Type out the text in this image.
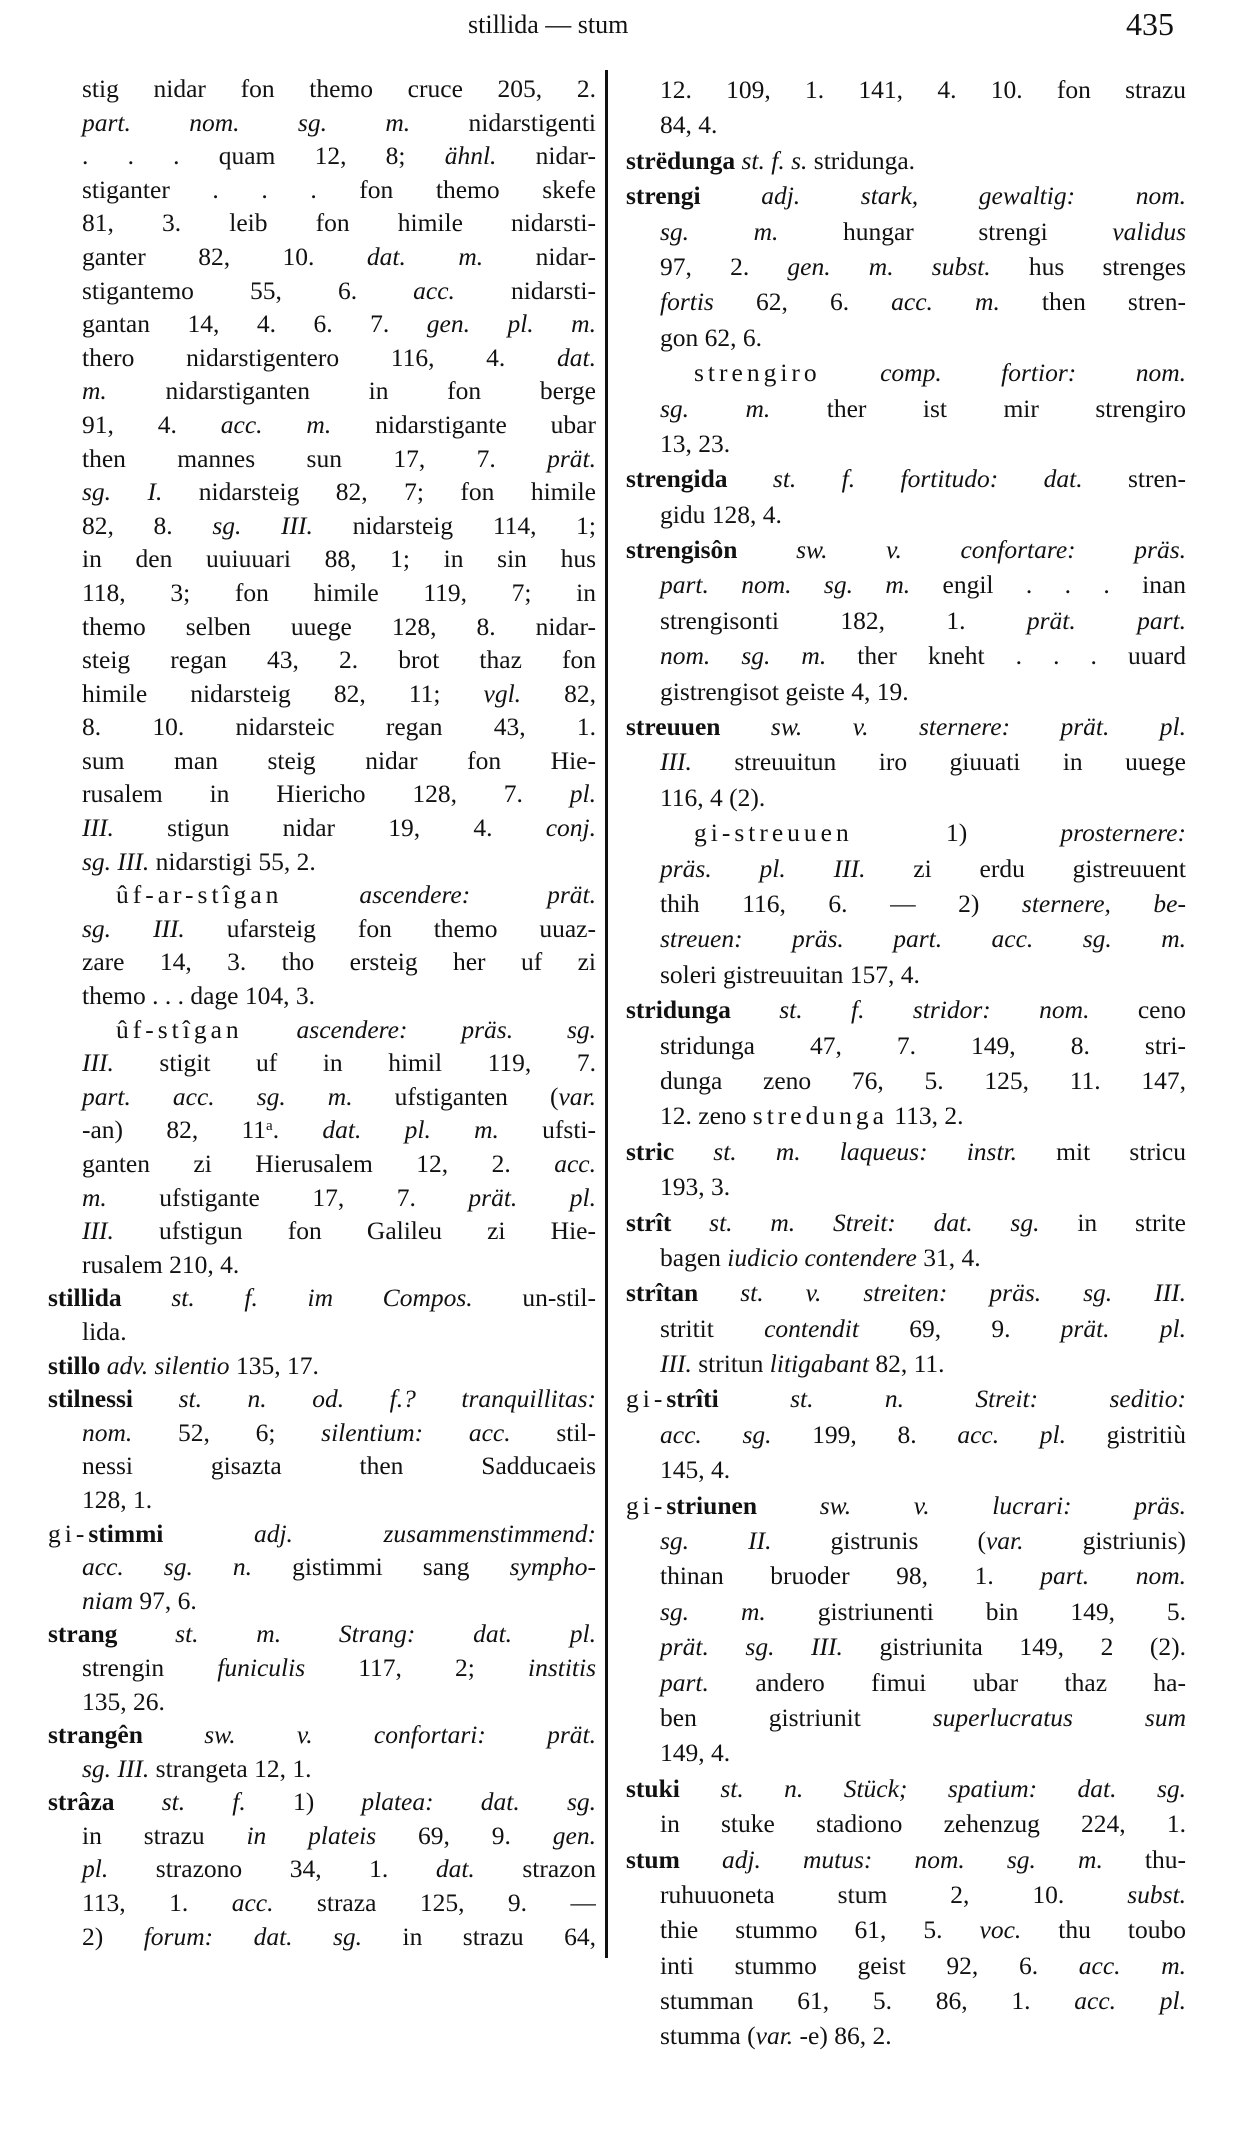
stillida — stum	435
stig nidar fon themo cruce 205, 2.
part. nom. sg. m. nidarstigenti
. . . quam 12, 8; ähnl. nidar-
stiganter . . . fon themo skefe
81, 3. leib fon himile nidarsti-
ganter 82, 10. dat. m. nidar-
stigantemo 55, 6. acc. nidarsti-
gantan 14, 4. 6. 7. gen. pl. m.
thero nidarstigentero 116, 4. dat.
m. nidarstiganten in fon berge
91, 4. acc. m. nidarstigante ubar
then mannes sun 17, 7. prät.
sg. I. nidarsteig 82, 7; fon himile
82, 8. sg. III. nidarsteig 114, 1;
in den uuiuuari 88, 1; in sin hus
118, 3; fon himile 119, 7; in
themo selben uuege 128, 8. nidar-
steig regan 43, 2. brot thaz fon
himile nidarsteig 82, 11; vgl. 82,
8. 10. nidarsteic regan 43, 1.
sum man steig nidar fon Hie-
rusalem in Hiericho 128, 7. pl.
III. stigun nidar 19, 4. conj.
sg. III. nidarstigi 55, 2.
ûf-ar-stîgan ascendere: prät.
sg. III. ufarsteig fon themo uuaz-
zare 14, 3. tho ersteig her uf zi
themo . . . dage 104, 3.
ûf-stîgan ascendere: präs. sg.
III. stigit uf in himil 119, 7.
part. acc. sg. m. ufstiganten (var.
-an) 82, 11$^a$. dat. pl. m. ufsti-
ganten zi Hierusalem 12, 2. acc.
m. ufstigante 17, 7. prät. pl.
III. ufstigun fon Galileu zi Hie-
rusalem 210, 4.
stillida st. f. im Compos. un-stil-
lida.
stillo adv. silentio 135, 17.
stilnessi st. n. od. f.? tranquillitas:
nom. 52, 6; silentium: acc. stil-
nessi gisazta then Sadducaeis
128, 1.
gi-stimmi adj. zusammenstimmend:
acc. sg. n. gistimmi sang sympho-
niam 97, 6.
strang st. m. Strang: dat. pl.
strengin funiculis 117, 2; institis
135, 26.
strangên sw. v. confortari: prät.
sg. III. strangeta 12, 1.
strâza st. f. 1) platea: dat. sg.
in strazu in plateis 69, 9. gen.
pl. strazono 34, 1. dat. strazon
113, 1. acc. straza 125, 9. —
2) forum: dat. sg. in strazu 64,
12. 109, 1. 141, 4. 10. fon strazu
84, 4.
strëdunga st. f. s. stridunga.
strengi adj. stark, gewaltig: nom.
sg. m. hungar strengi validus
97, 2. gen. m. subst. hus strenges
fortis 62, 6. acc. m. then stren-
gon 62, 6.
strengiro comp. fortior: nom.
sg. m. ther ist mir strengiro
13, 23.
strengida st. f. fortitudo: dat. stren-
gidu 128, 4.
strengisôn sw. v. confortare: präs.
part. nom. sg. m. engil . . . inan
strengisonti 182, 1. prät. part.
nom. sg. m. ther kneht . . . uuard
gistrengisot geiste 4, 19.
streuuen sw. v. sternere: prät. pl.
III. streuuitun iro giuuati in uuege
116, 4 (2).
gi-streuuen 1) prosternere:
präs. pl. III. zi erdu gistreuuent
thih 116, 6. — 2) sternere, be-
streuen: präs. part. acc. sg. m.
soleri gistreuuitan 157, 4.
stridunga st. f. stridor: nom. ceno
stridunga 47, 7. 149, 8. stri-
dunga zeno 76, 5. 125, 11. 147,
12. zeno stredunga 113, 2.
stric st. m. laqueus: instr. mit stricu
193, 3.
strît st. m. Streit: dat. sg. in strite
bagen iudicio contendere 31, 4.
strîtan st. v. streiten: präs. sg. III.
stritit contendit 69, 9. prät. pl.
III. stritun litigabant 82, 11.
gi-strîti st. n. Streit: seditio:
acc. sg. 199, 8. acc. pl. gistritiù
145, 4.
gi-striunen sw. v. lucrari: präs.
sg. II. gistrunis (var. gistriunis)
thinan bruoder 98, 1. part. nom.
sg. m. gistriunenti bin 149, 5.
prät. sg. III. gistriunita 149, 2 (2).
part. andero fimui ubar thaz ha-
ben gistriunit superlucratus sum
149, 4.
stuki st. n. Stück; spatium: dat. sg.
in stuke stadiono zehenzug 224, 1.
stum adj. mutus: nom. sg. m. thu-
ruhuuoneta stum 2, 10. subst.
thie stummo 61, 5. voc. thu toubo
inti stummo geist 92, 6. acc. m.
stumman 61, 5. 86, 1. acc. pl.
stumma (var. -e) 86, 2.
